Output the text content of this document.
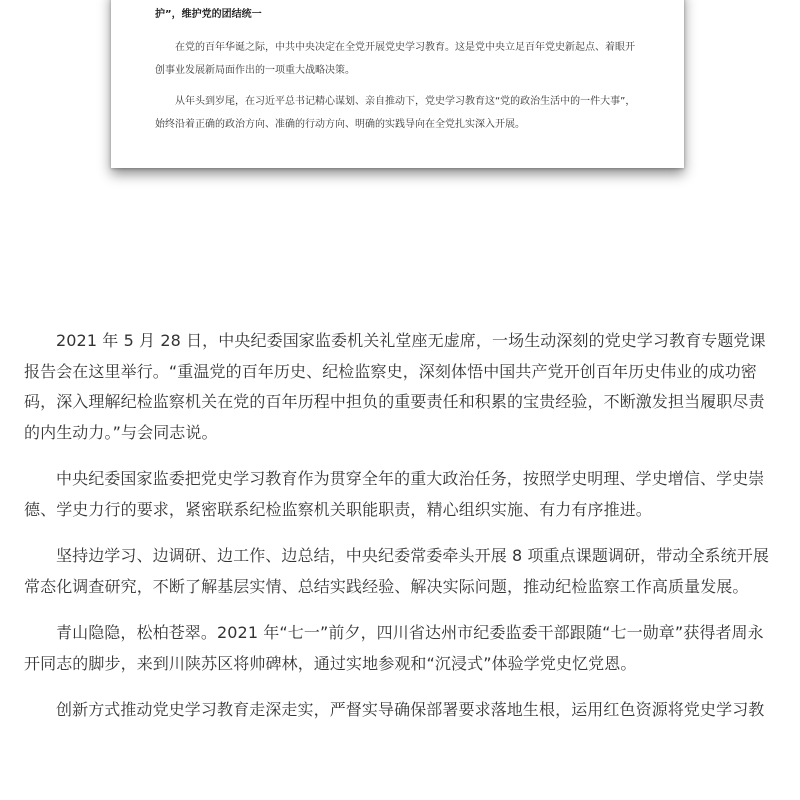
护”，维护党的团结统一

在党的百年华诞之际，中共中央决定在全党开展党史学习教育。这是党中央立足百年党史新起点、着眼开创事业发展新局面作出的一项重大战略决策。

从年头到岁尾，在习近平总书记精心谋划、亲自推动下，党史学习教育这“党的政治生活中的一件大事”，始终沿着正确的政治方向、准确的行动方向、明确的实践导向在全党扎实深入开展。

2021 年 5 月 28 日，中央纪委国家监委机关礼堂座无虚席，一场生动深刻的党史学习教育专题党课报告会在这里举行。“重温党的百年历史、纪检监察史，深刻体悟中国共产党开创百年历史伟业的成功密码，深入理解纪检监察机关在党的百年历程中担负的重要责任和积累的宝贵经验，不断激发担当履职尽责的内生动力。”与会同志说。

中央纪委国家监委把党史学习教育作为贯穿全年的重大政治任务，按照学史明理、学史增信、学史崇德、学史力行的要求，紧密联系纪检监察机关职能职责，精心组织实施、有力有序推进。

坚持边学习、边调研、边工作、边总结，中央纪委常委牵头开展 8 项重点课题调研，带动全系统开展常态化调查研究，不断了解基层实情、总结实践经验、解决实际问题，推动纪检监察工作高质量发展。

青山隐隐，松柏苍翠。2021 年“七一”前夕，四川省达州市纪委监委干部跟随“七一勋章”获得者周永开同志的脚步，来到川陕苏区将帅碑林，通过实地参观和“沉浸式”体验学党史忆党恩。

创新方式推动党史学习教育走深走实，严督实导确保部署要求落地生根，运用红色资源将党史学习教
